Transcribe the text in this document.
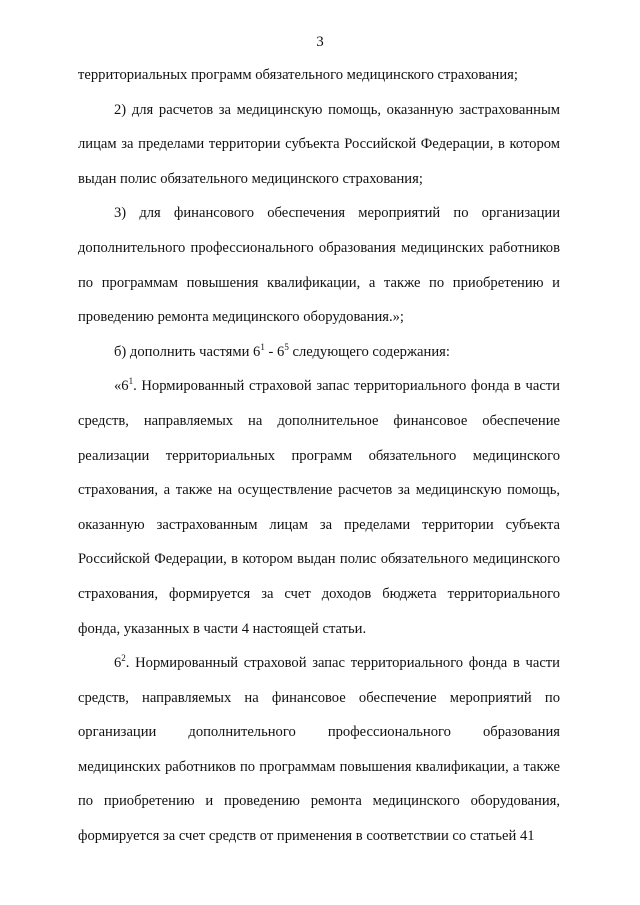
3

территориальных программ обязательного медицинского страхования;

2) для расчетов за медицинскую помощь, оказанную застрахованным лицам за пределами территории субъекта Российской Федерации, в котором выдан полис обязательного медицинского страхования;

3) для финансового обеспечения мероприятий по организации дополнительного профессионального образования медицинских работников по программам повышения квалификации, а также по приобретению и проведению ремонта медицинского оборудования.»;

б) дополнить частями $6^1 - 6^5$ следующего содержания:

«$6^1$. Нормированный страховой запас территориального фонда в части средств, направляемых на дополнительное финансовое обеспечение реализации территориальных программ обязательного медицинского страхования, а также на осуществление расчетов за медицинскую помощь, оказанную застрахованным лицам за пределами территории субъекта Российской Федерации, в котором выдан полис обязательного медицинского страхования, формируется за счет доходов бюджета территориального фонда, указанных в части 4 настоящей статьи.

$6^2$. Нормированный страховой запас территориального фонда в части средств, направляемых на финансовое обеспечение мероприятий по организации дополнительного профессионального образования медицинских работников по программам повышения квалификации, а также по приобретению и проведению ремонта медицинского оборудования, формируется за счет средств от применения в соответствии со статьей 41
